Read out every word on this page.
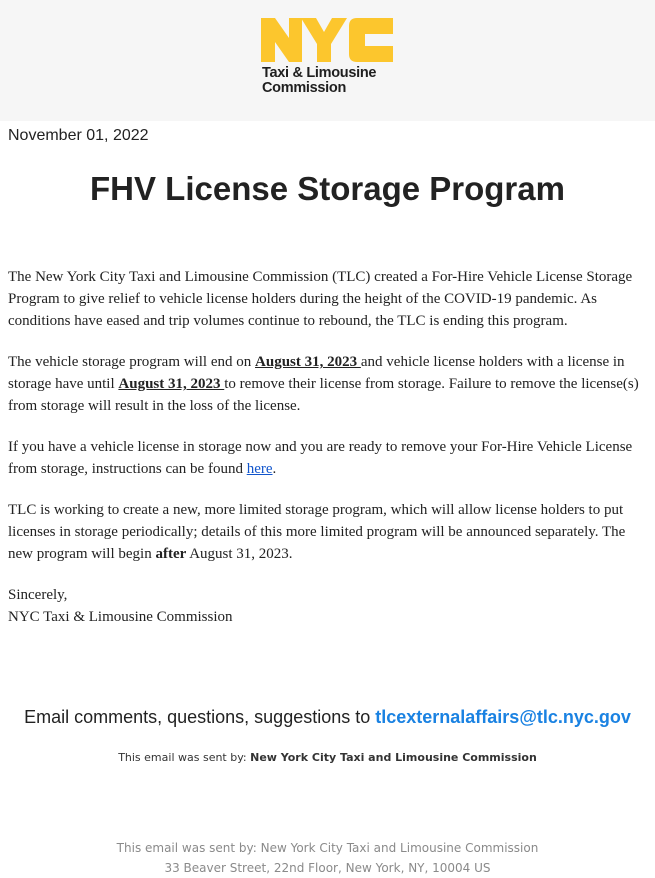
Taxi & Limousine
Commission
November 01, 2022
FHV License Storage Program

The New York City Taxi and Limousine Commission (TLC) created a For-Hire Vehicle License Storage Program to give relief to vehicle license holders during the height of the COVID-19 pandemic. As conditions have eased and trip volumes continue to rebound, the TLC is ending this program.

The vehicle storage program will end on August 31, 2023 and vehicle license holders with a license in storage have until August 31, 2023 to remove their license from storage. Failure to remove the license(s) from storage will result in the loss of the license.

If you have a vehicle license in storage now and you are ready to remove your For-Hire Vehicle License from storage, instructions can be found here.

TLC is working to create a new, more limited storage program, which will allow license holders to put licenses in storage periodically; details of this more limited program will be announced separately. The new program will begin after August 31, 2023.

Sincerely,
NYC Taxi & Limousine Commission
Email comments, questions, suggestions to tlcexternalaffairs@tlc.nyc.gov
This email was sent by: New York City Taxi and Limousine Commission
This email was sent by: New York City Taxi and Limousine Commission
33 Beaver Street, 22nd Floor, New York, NY, 10004 US
